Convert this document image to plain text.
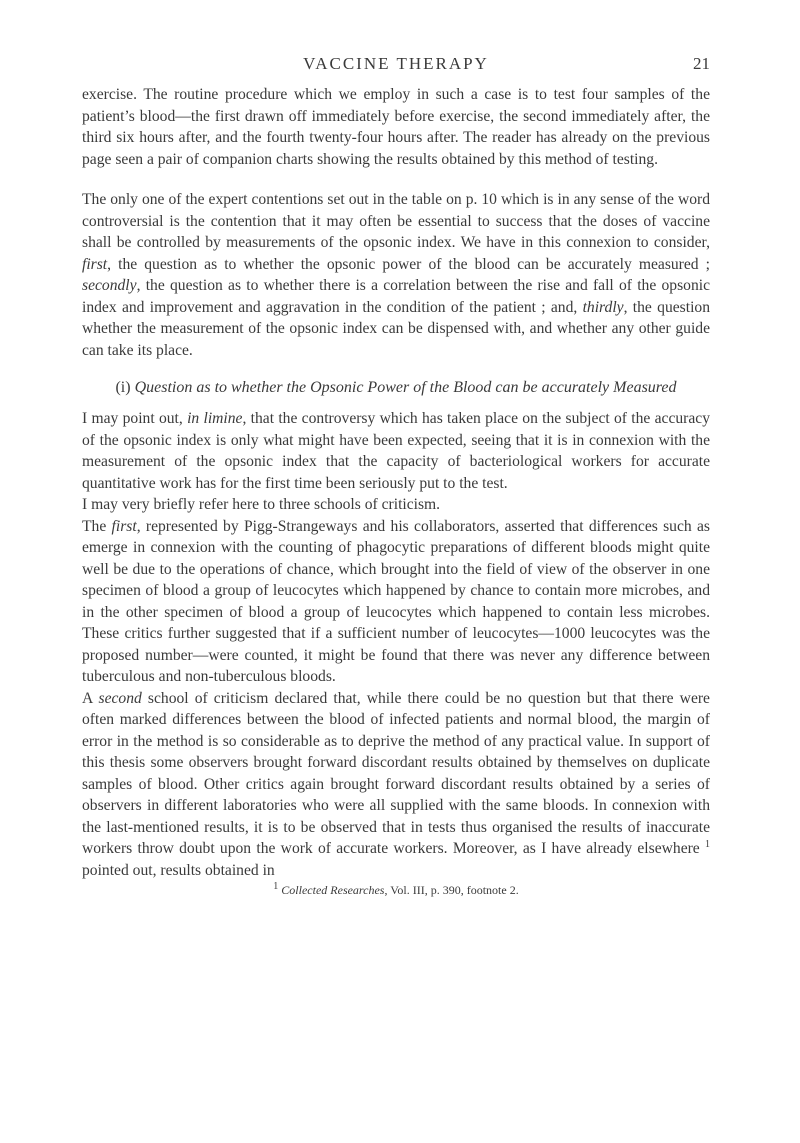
VACCINE THERAPY	21

exercise. The routine procedure which we employ in such a case is to test four samples of the patient’s blood—the first drawn off immediately before exercise, the second immediately after, the third six hours after, and the fourth twenty-four hours after. The reader has already on the previous page seen a pair of companion charts showing the results obtained by this method of testing.

The only one of the expert contentions set out in the table on p. 10 which is in any sense of the word controversial is the contention that it may often be essential to success that the doses of vaccine shall be controlled by measurements of the opsonic index. We have in this connexion to consider, first, the question as to whether the opsonic power of the blood can be accurately measured ; secondly, the question as to whether there is a correlation between the rise and fall of the opsonic index and improvement and aggravation in the condition of the patient ; and, thirdly, the question whether the measurement of the opsonic index can be dispensed with, and whether any other guide can take its place.

(i) Question as to whether the Opsonic Power of the Blood can be accurately Measured

I may point out, in limine, that the controversy which has taken place on the subject of the accuracy of the opsonic index is only what might have been expected, seeing that it is in connexion with the measurement of the opsonic index that the capacity of bacteriological workers for accurate quantitative work has for the first time been seriously put to the test.

I may very briefly refer here to three schools of criticism.

The first, represented by Pigg-Strangeways and his collaborators, asserted that differences such as emerge in connexion with the counting of phagocytic preparations of different bloods might quite well be due to the operations of chance, which brought into the field of view of the observer in one specimen of blood a group of leucocytes which happened by chance to contain more microbes, and in the other specimen of blood a group of leucocytes which happened to contain less microbes. These critics further suggested that if a sufficient number of leucocytes—1000 leucocytes was the proposed number—were counted, it might be found that there was never any difference between tuberculous and non-tuberculous bloods.

A second school of criticism declared that, while there could be no question but that there were often marked differences between the blood of infected patients and normal blood, the margin of error in the method is so considerable as to deprive the method of any practical value. In support of this thesis some observers brought forward discordant results obtained by themselves on duplicate samples of blood. Other critics again brought forward discordant results obtained by a series of observers in different laboratories who were all supplied with the same bloods. In connexion with the last-mentioned results, it is to be observed that in tests thus organised the results of inaccurate workers throw doubt upon the work of accurate workers. Moreover, as I have already elsewhere $^1$ pointed out, results obtained in

$^1$ Collected Researches, Vol. III, p. 390, footnote 2.
